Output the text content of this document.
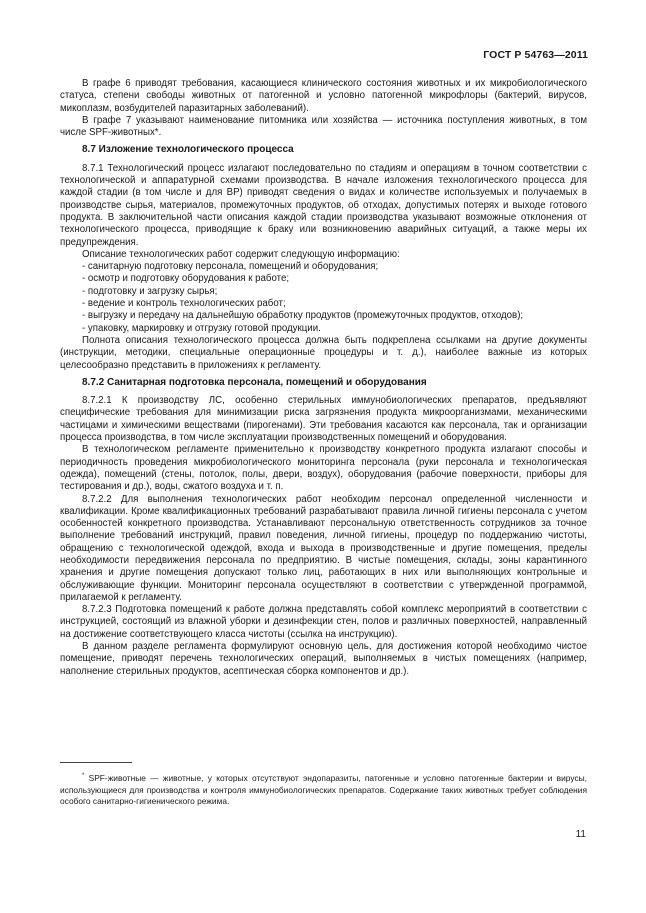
ГОСТ Р 54763—2011

В графе 6 приводят требования, касающиеся клинического состояния животных и их микробиологического статуса, степени свободы животных от патогенной и условно патогенной микрофлоры (бактерий, вирусов, микоплазм, возбудителей паразитарных заболеваний).

В графе 7 указывают наименование питомника или хозяйства — источника поступления животных, в том числе SPF-животных*.

8.7 Изложение технологического процесса

8.7.1 Технологический процесс излагают последовательно по стадиям и операциям в точном соответствии с технологической и аппаратурной схемами производства. В начале изложения технологического процесса для каждой стадии (в том числе и для ВР) приводят сведения о видах и количестве используемых и получаемых в производстве сырья, материалов, промежуточных продуктов, об отходах, допустимых потерях и выходе готового продукта. В заключительной части описания каждой стадии производства указывают возможные отклонения от технологического процесса, приводящие к браку или возникновению аварийных ситуаций, а также меры их предупреждения.

Описание технологических работ содержит следующую информацию:

- санитарную подготовку персонала, помещений и оборудования;

- осмотр и подготовку оборудования к работе;

- подготовку и загрузку сырья;

- ведение и контроль технологических работ;

- выгрузку и передачу на дальнейшую обработку продуктов (промежуточных продуктов, отходов);

- упаковку, маркировку и отгрузку готовой продукции.

Полнота описания технологического процесса должна быть подкреплена ссылками на другие документы (инструкции, методики, специальные операционные процедуры и т. д.), наиболее важные из которых целесообразно представить в приложениях к регламенту.

8.7.2 Санитарная подготовка персонала, помещений и оборудования

8.7.2.1 К производству ЛС, особенно стерильных иммунобиологических препаратов, предъявляют специфические требования для минимизации риска загрязнения продукта микроорганизмами, механическими частицами и химическими веществами (пирогенами). Эти требования касаются как персонала, так и организации процесса производства, в том числе эксплуатации производственных помещений и оборудования.

В технологическом регламенте применительно к производству конкретного продукта излагают способы и периодичность проведения микробиологического мониторинга персонала (руки персонала и технологическая одежда), помещений (стены, потолок, полы, двери, воздух), оборудования (рабочие поверхности, приборы для тестирования и др.), воды, сжатого воздуха и т. п.

8.7.2.2 Для выполнения технологических работ необходим персонал определенной численности и квалификации. Кроме квалификационных требований разрабатывают правила личной гигиены персонала с учетом особенностей конкретного производства. Устанавливают персональную ответственность сотрудников за точное выполнение требований инструкций, правил поведения, личной гигиены, процедур по поддержанию чистоты, обращению с технологической одеждой, входа и выхода в производственные и другие помещения, пределы необходимости передвижения персонала по предприятию. В чистые помещения, склады, зоны карантинного хранения и другие помещения допускают только лиц, работающих в них или выполняющих контрольные и обслуживающие функции. Мониторинг персонала осуществляют в соответствии с утвержденной программой, прилагаемой к регламенту.

8.7.2.3 Подготовка помещений к работе должна представлять собой комплекс мероприятий в соответствии с инструкцией, состоящий из влажной уборки и дезинфекции стен, полов и различных поверхностей, направленный на достижение соответствующего класса чистоты (ссылка на инструкцию).

В данном разделе регламента формулируют основную цель, для достижения которой необходимо чистое помещение, приводят перечень технологических операций, выполняемых в чистых помещениях (например, наполнение стерильных продуктов, асептическая сборка компонентов и др.).

* SPF-животные — животные, у которых отсутствуют эндопаразиты, патогенные и условно патогенные бактерии и вирусы, использующиеся для производства и контроля иммунобиологических препаратов. Содержание таких животных требует соблюдения особого санитарно-гигиенического режима.
11
